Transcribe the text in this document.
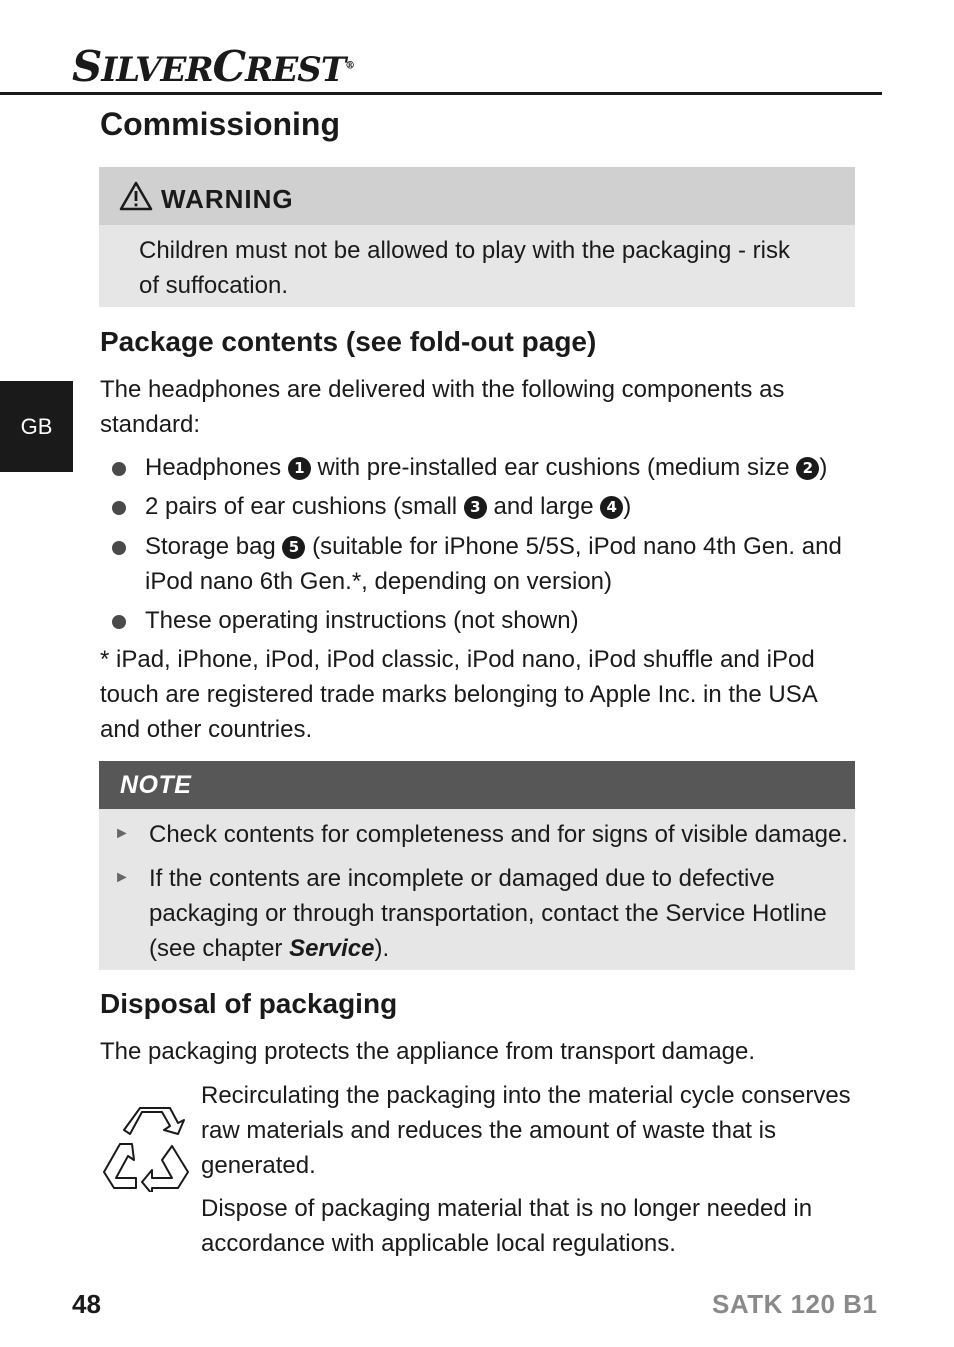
SILVERCREST®
GB
Commissioning
WARNING
Children must not be allowed to play with the packaging - risk of suffocation.
Package contents (see fold-out page)
The headphones are delivered with the following components as standard:
Headphones 1 with pre-installed ear cushions (medium size 2 )
2 pairs of ear cushions (small 3 and large 4 )
Storage bag 5 (suitable for iPhone 5/5S, iPod nano 4th Gen. and iPod nano 6th Gen.*, depending on version)
These operating instructions (not shown)
* iPad, iPhone, iPod, iPod classic, iPod nano, iPod shuffle and iPod touch are registered trade marks belonging to Apple Inc. in the USA and other countries.
NOTE
► Check contents for completeness and for signs of visible damage.
► If the contents are incomplete or damaged due to defective packaging or through transportation, contact the Service Hotline (see chapter Service).
Disposal of packaging
The packaging protects the appliance from transport damage.
Recirculating the packaging into the material cycle conserves raw materials and reduces the amount of waste that is generated.
Dispose of packaging material that is no longer needed in accordance with applicable local regulations.
48	SATK 120 B1
